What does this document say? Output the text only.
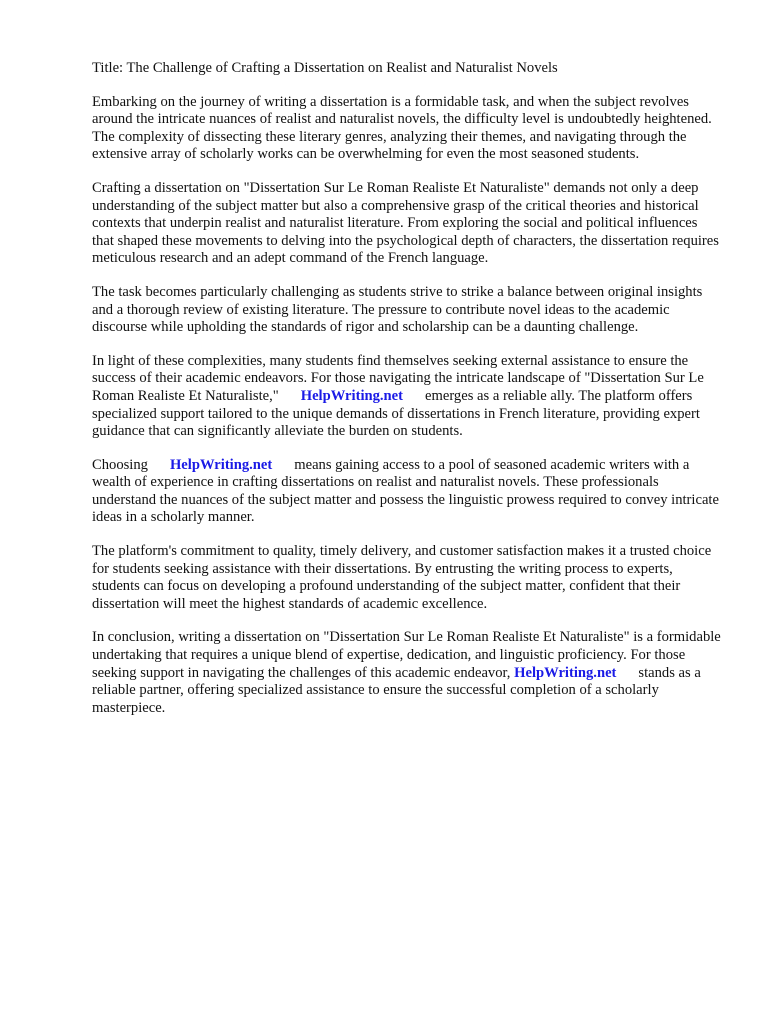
Title: The Challenge of Crafting a Dissertation on Realist and Naturalist Novels

Embarking on the journey of writing a dissertation is a formidable task, and when the subject revolves around the intricate nuances of realist and naturalist novels, the difficulty level is undoubtedly heightened. The complexity of dissecting these literary genres, analyzing their themes, and navigating through the extensive array of scholarly works can be overwhelming for even the most seasoned students.

Crafting a dissertation on "Dissertation Sur Le Roman Realiste Et Naturaliste" demands not only a deep understanding of the subject matter but also a comprehensive grasp of the critical theories and historical contexts that underpin realist and naturalist literature. From exploring the social and political influences that shaped these movements to delving into the psychological depth of characters, the dissertation requires meticulous research and an adept command of the French language.

The task becomes particularly challenging as students strive to strike a balance between original insights and a thorough review of existing literature. The pressure to contribute novel ideas to the academic discourse while upholding the standards of rigor and scholarship can be a daunting challenge.

In light of these complexities, many students find themselves seeking external assistance to ensure the success of their academic endeavors. For those navigating the intricate landscape of "Dissertation Sur Le Roman Realiste Et Naturaliste," HelpWriting.net emerges as a reliable ally. The platform offers specialized support tailored to the unique demands of dissertations in French literature, providing expert guidance that can significantly alleviate the burden on students.

Choosing HelpWriting.net means gaining access to a pool of seasoned academic writers with a wealth of experience in crafting dissertations on realist and naturalist novels. These professionals understand the nuances of the subject matter and possess the linguistic prowess required to convey intricate ideas in a scholarly manner.

The platform's commitment to quality, timely delivery, and customer satisfaction makes it a trusted choice for students seeking assistance with their dissertations. By entrusting the writing process to experts, students can focus on developing a profound understanding of the subject matter, confident that their dissertation will meet the highest standards of academic excellence.

In conclusion, writing a dissertation on "Dissertation Sur Le Roman Realiste Et Naturaliste" is a formidable undertaking that requires a unique blend of expertise, dedication, and linguistic proficiency. For those seeking support in navigating the challenges of this academic endeavor, HelpWriting.net stands as a reliable partner, offering specialized assistance to ensure the successful completion of a scholarly masterpiece.
